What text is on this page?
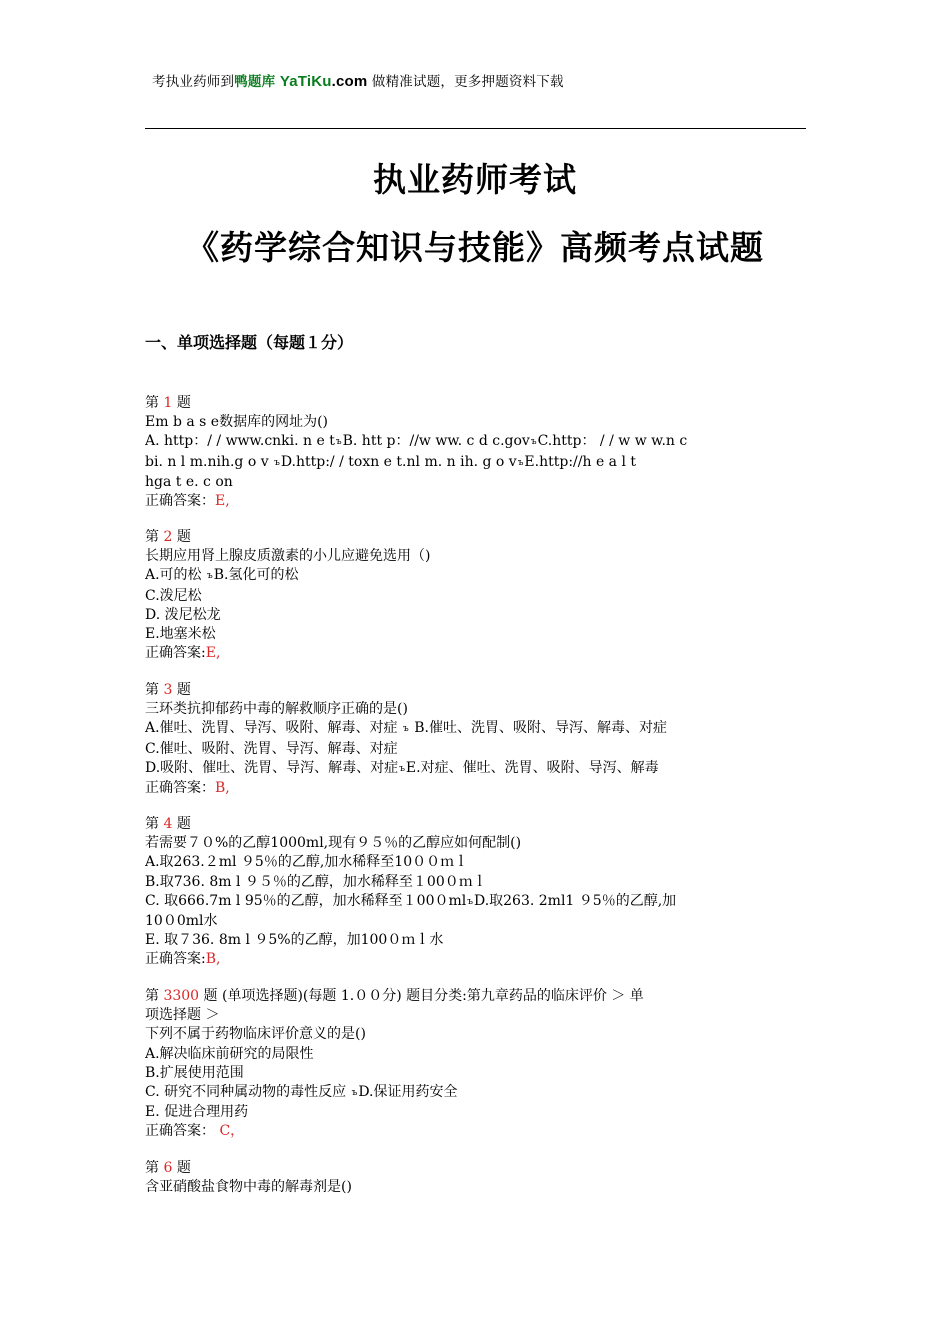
考执业药师到鸭题库 YaTiKu.com 做精准试题，更多押题资料下载
执业药师考试
《药学综合知识与技能》高频考点试题
一、单项选择题（每题１分）
第 1 题
Em b a s e数据库的网址为()
A. http：/ / www.cnki. n e tъB. htt p：//w ww. c d c.govъC.http： / / w w w.n c
bi. n l m.nih.g o v ъD.http:/ / toxn e t.nl m. n ih. g o vъE.http://h e a l t
hga t e. c on
正确答案：E,
第 2 题
长期应用肾上腺皮质激素的小儿应避免选用（)
A.可的松 ъB.氢化可的松
C.泼尼松
D. 泼尼松龙
E.地塞米松
正确答案:E,
第 3 题
三环类抗抑郁药中毒的解救顺序正确的是()
A.催吐、洗胃、导泻、吸附、解毒、对症 ъ B.催吐、洗胃、吸附、导泻、解毒、对症
C.催吐、吸附、洗胃、导泻、解毒、对症
D.吸附、催吐、洗胃、导泻、解毒、对症ъE.对症、催吐、洗胃、吸附、导泻、解毒
正确答案：B,
第 4 题
若需要７０%的乙醇1000ml,现有９５％的乙醇应如何配制()
A.取263.２ml ９5％的乙醇,加水稀释至10００ｍｌ
B.取736. 8m l ９５％的乙醇，加水稀释至１00０ｍｌ
C. 取666.7m l 95％的乙醇，加水稀释至１00０mlъD.取263. 2ml1 ９5％的乙醇,加
10０0ml水
E. 取７36. 8m l ９5%的乙醇，加100０ｍｌ水
正确答案:B,
第 3300 题 (单项选择题)(每题 1.００分) 题目分类:第九章药品的临床评价 ＞ 单
项选择题 ＞
下列不属于药物临床评价意义的是()
A.解决临床前研究的局限性
B.扩展使用范围
C. 研究不同种属动物的毒性反应 ъD.保证用药安全
E. 促进合理用药
正确答案： C，
第 6 题
含亚硝酸盐食物中毒的解毒剂是()
